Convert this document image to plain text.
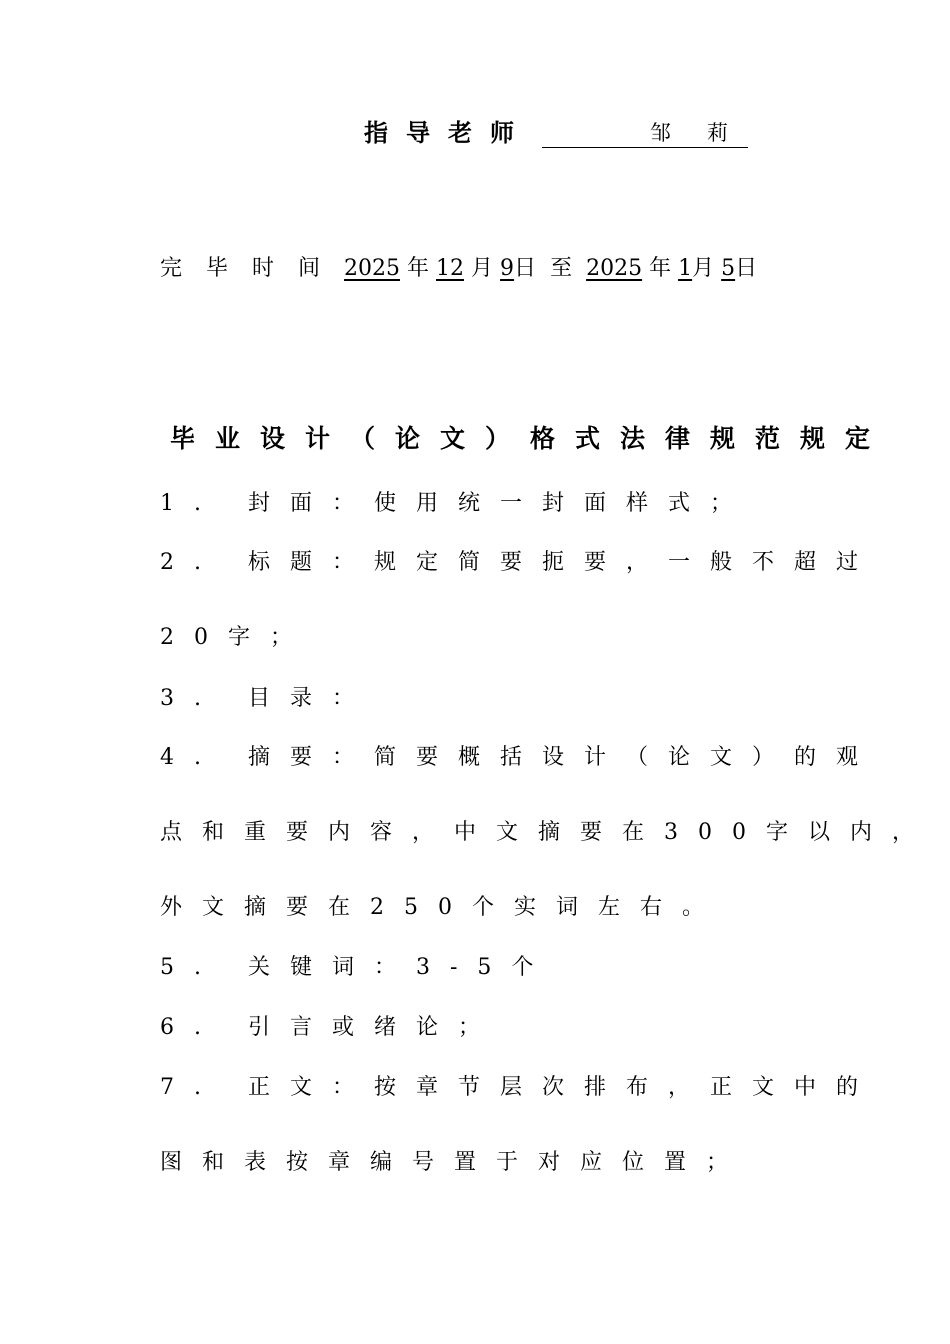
指导老师	邹莉
完毕时间2025 年 12 月 9日 至 2025 年 1月 5日
毕业设计（论文）格式法律规范规定
1. 封面：使用统一封面样式；
2. 标题：规定简要扼要，一般不超过
20字；
3. 目录：
4. 摘要：简要概括设计（论文）的观
点和重要内容，中文摘要在300字以内，
外文摘要在250个实词左右。
5. 关键词：3-5个
6. 引言或绪论；
7. 正文：按章节层次排布，正文中的
图和表按章编号置于对应位置；
